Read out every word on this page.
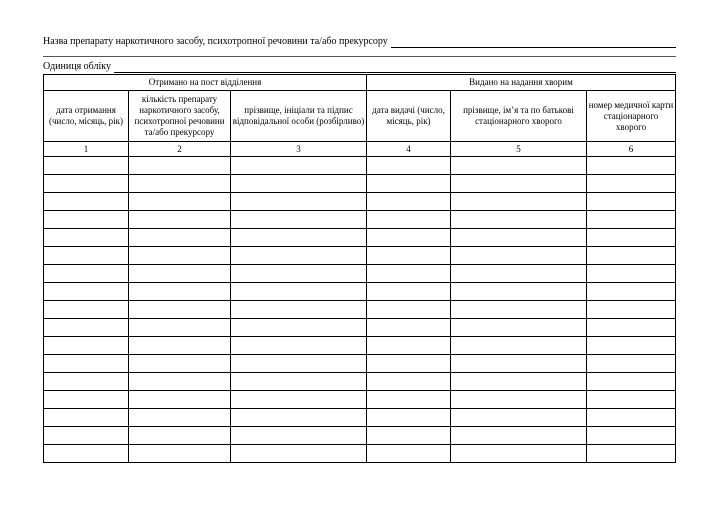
Назва препарату наркотичного засобу, психотропної речовини та/або прекурсору
Одиниця обліку
Отримано на пост відділення			Видано на надання хворим		
дата отримання (число, місяць, рік)	кількість препарату наркотичного засобу, психотропної речовини та/або прекурсору	прізвище, ініціали та підпис відповідальної особи (розбірливо)	дата видачі (число, місяць, рік)	прізвище, ім’я та по батькові стаціонарного хворого	номер медичної карти стаціонарного хворого
1	2	3	4	5	6
